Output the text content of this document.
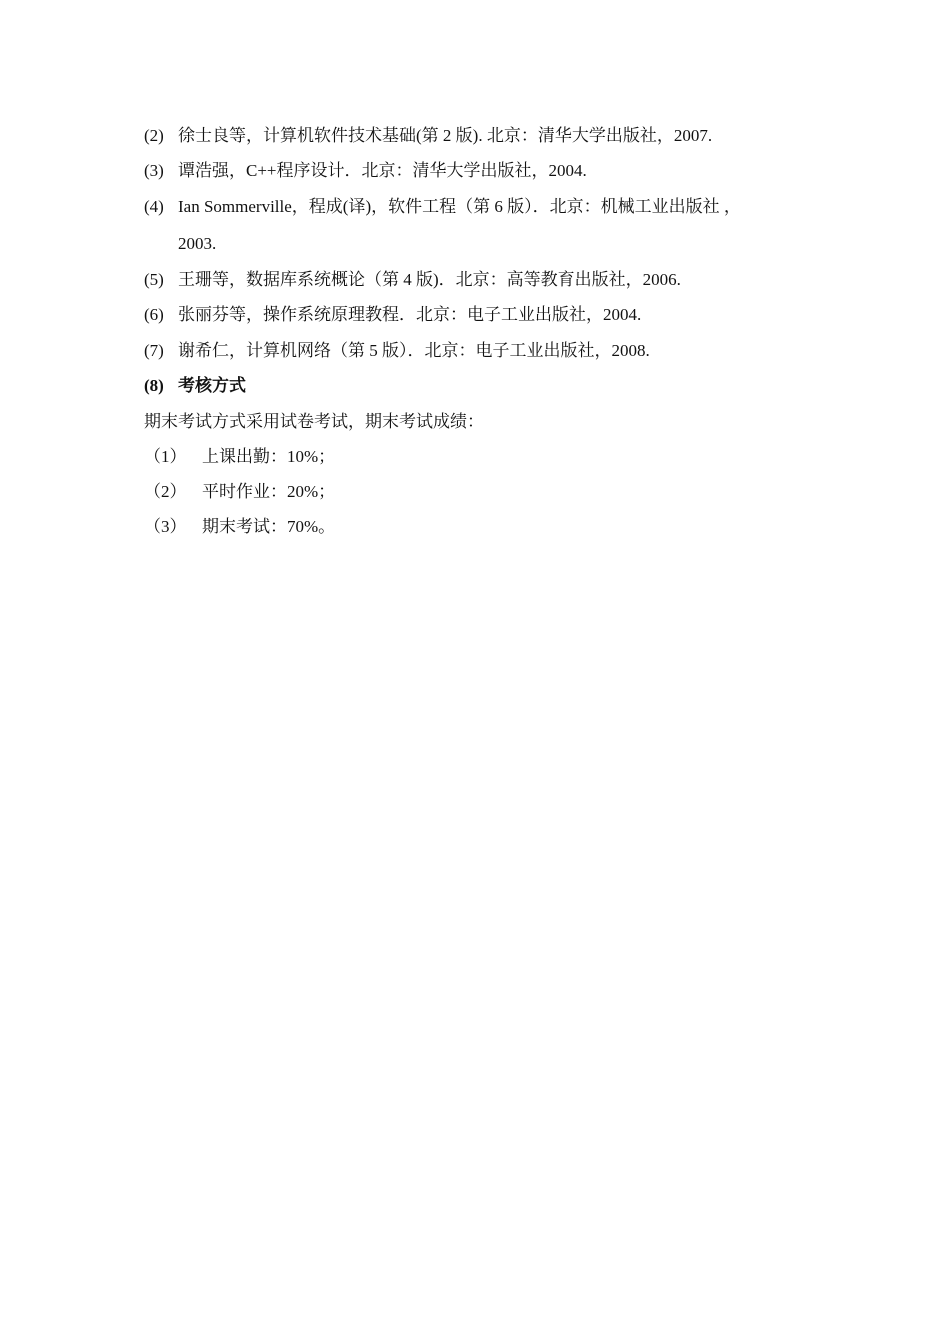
(2) 徐士良等，计算机软件技术基础(第 2 版). 北京：清华大学出版社，2007.
(3) 谭浩强，C++程序设计．北京：清华大学出版社，2004.
(4) Ian Sommerville，程成(译)，软件工程（第 6 版）．北京：机械工业出版社 ，
2003.
(5) 王珊等，数据库系统概论（第 4 版)．北京：高等教育出版社，2006.
(6) 张丽芬等，操作系统原理教程．北京：电子工业出版社，2004.
(7) 谢希仁，计算机网络（第 5 版）．北京：电子工业出版社，2008.
(8) 考核方式
期末考试方式采用试卷考试，期末考试成绩：
（1） 上课出勤：10%；
（2） 平时作业：20%；
（3） 期末考试：70%。
